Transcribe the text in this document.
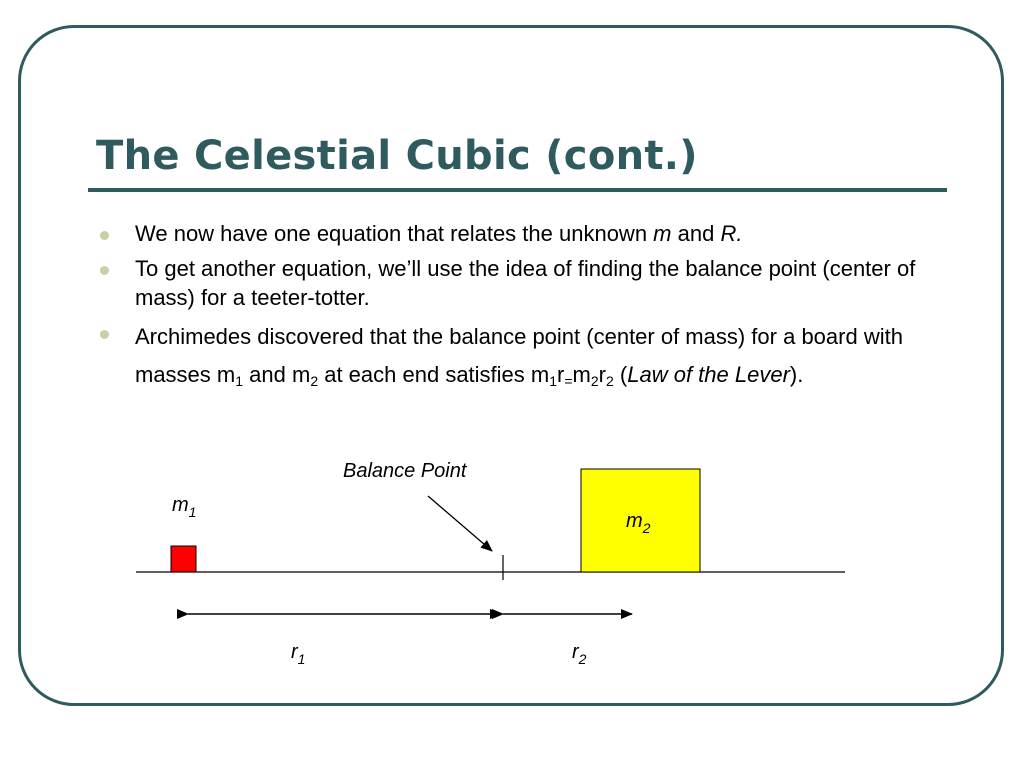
The Celestial Cubic (cont.)
We now have one equation that relates the unknown m and R.
To get another equation, we’ll use the idea of finding the balance point (center of mass) for a teeter-totter.
Archimedes discovered that the balance point (center of mass) for a board with masses $m_1$ and $m_2$ at each end satisfies $m_1r_=m_2r_2$ (Law of the Lever).
Balance Point
$m_1$	$m_2$
$r_1$	$r_2$
